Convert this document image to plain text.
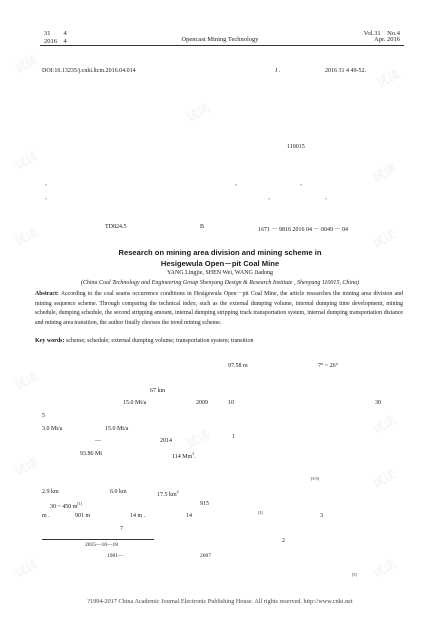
31　　4
2016　4	Opencast Mining Technology
Vol.31　No.4
Apr. 2016
DOI:10.13235/j.cnki.ltcm.2016.04.014	J .	2016 31 4 49-52.
110015
、	、	、
、	、	、
TD824.5	B	1671 － 9816 2016 04 － 0049 － 04
Research on mining area division and mining scheme in
Hesigewula Open－pit Coal Mine
YANG Lingjie, SHEN Wei, WANG Jiadong
(China Coal Technology and Engineering Group Shenyang Design & Research Institute , Shenyang 110015, China)
Abstract: According to the coal seams occurrence conditions in Hesigewula Open－pit Coal Mine, the article researches the mining area division and mining sequence scheme. Through comparing the technical index, such as the external dumping volume, internal dumping time development, mining schedule, dumping schedule, the second stripping amount, internal dumping stripping truck transportation system, internal dumping transportation distance and mining area transition, the author finally chooses the trend mining scheme.
Key words: scheme; schedule; external dumping volume; transportation system; transition
97.58 m	7° ~ 26°
67 km
15.0 Mt/a	2009	10	30
5
3.0 Mt/a	15.0 Mt/a
—	2014
1
93.86 Mt	114 Mm$^3$.
[3-5]
2.9 km	6.0 km	17.5 $km^2$
30 ~ 450 m[1]	915
m .	901 m	14 m .	14
[2]
3
7
2
[5]
2015—10—18
1981—	2007
?1994-2017 China Academic Journal Electronic Publishing House. All rights reserved. http://www.cnki.net
试读
试读
试读
试读
试读
试读	试读
试读
试读
试读
试读
试读
试读
试读	试读
